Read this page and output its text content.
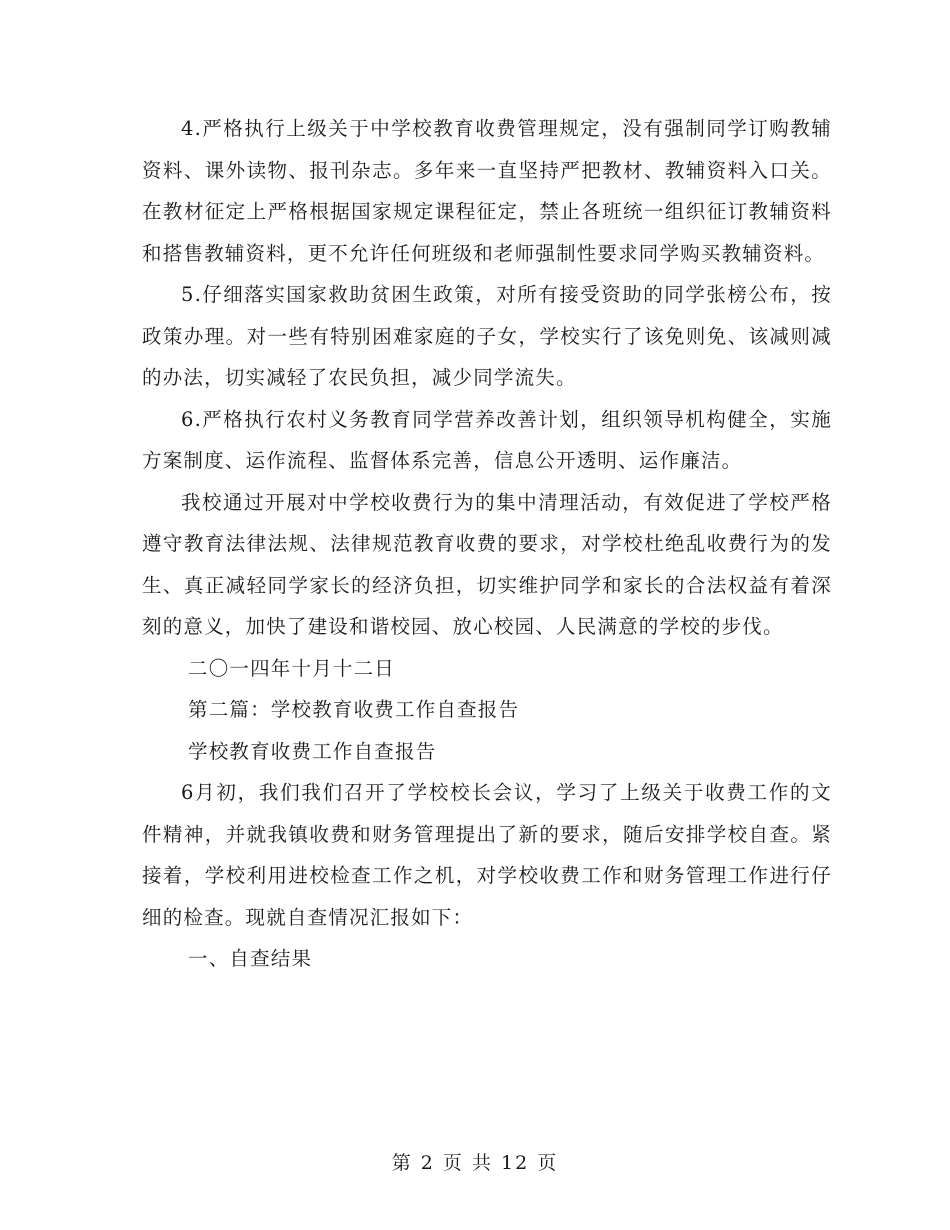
4.严格执行上级关于中学校教育收费管理规定，没有强制同学订购教辅资料、课外读物、报刊杂志。多年来一直坚持严把教材、教辅资料入口关。在教材征定上严格根据国家规定课程征定，禁止各班统一组织征订教辅资料和搭售教辅资料，更不允许任何班级和老师强制性要求同学购买教辅资料。

5.仔细落实国家救助贫困生政策，对所有接受资助的同学张榜公布，按政策办理。对一些有特别困难家庭的子女，学校实行了该免则免、该减则减的办法，切实减轻了农民负担，减少同学流失。

6.严格执行农村义务教育同学营养改善计划，组织领导机构健全，实施方案制度、运作流程、监督体系完善，信息公开透明、运作廉洁。

我校通过开展对中学校收费行为的集中清理活动，有效促进了学校严格遵守教育法律法规、法律规范教育收费的要求，对学校杜绝乱收费行为的发生、真正减轻同学家长的经济负担，切实维护同学和家长的合法权益有着深刻的意义，加快了建设和谐校园、放心校园、人民满意的学校的步伐。

二〇一四年十月十二日

第二篇：学校教育收费工作自查报告

学校教育收费工作自查报告

6月初，我们我们召开了学校校长会议，学习了上级关于收费工作的文件精神，并就我镇收费和财务管理提出了新的要求，随后安排学校自查。紧接着，学校利用进校检查工作之机，对学校收费工作和财务管理工作进行仔细的检查。现就自查情况汇报如下：

一、自查结果

第 2 页 共 12 页
